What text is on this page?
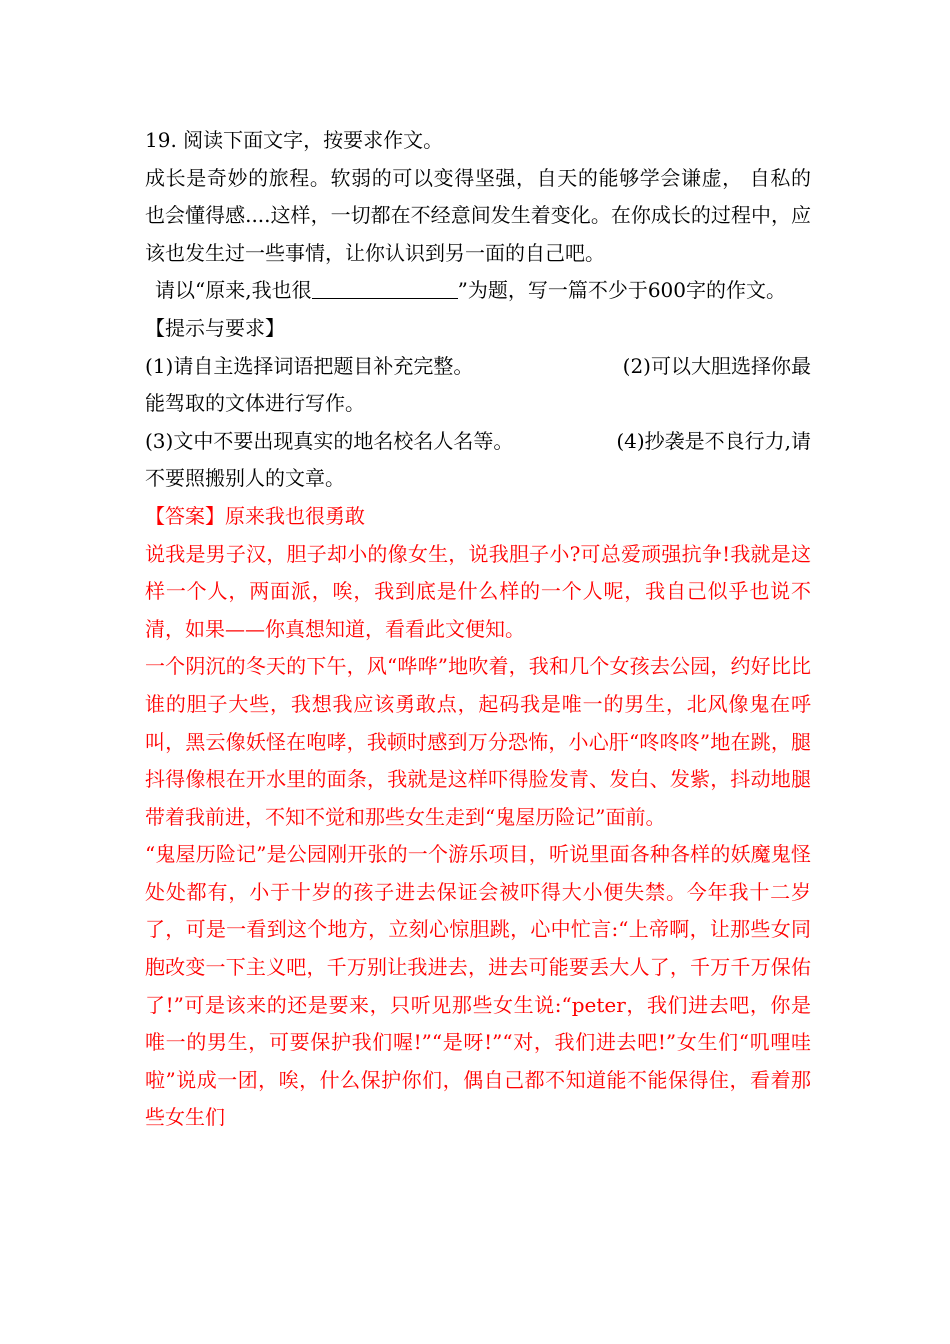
19. 阅读下面文字，按要求作文。

成长是奇妙的旅程。软弱的可以变得坚强，自天的能够学会谦虚， 自私的也会懂得感....这样，一切都在不经意间发生着变化。在你成长的过程中，应该也发生过一些事情，让你认识到另一面的自己吧。

请以“原来,我也很	”为题，写一篇不少于600字的作文。

【提示与要求】

(1)请自主选择词语把题目补充完整。	(2)可以大胆选择你最

能驾取的文体进行写作。

(3)文中不要出现真实的地名校名人名等。	(4)抄袭是不良行力,请

不要照搬别人的文章。

【答案】原来我也很勇敢

说我是男子汉，胆子却小的像女生，说我胆子小?可总爱顽强抗争!我就是这样一个人，两面派，唉，我到底是什么样的一个人呢，我自己似乎也说不清，如果——你真想知道，看看此文便知。

一个阴沉的冬天的下午，风“哗哗”地吹着，我和几个女孩去公园，约好比比谁的胆子大些，我想我应该勇敢点，起码我是唯一的男生，北风像鬼在呼叫，黑云像妖怪在咆哮，我顿时感到万分恐怖，小心肝“咚咚咚”地在跳，腿抖得像根在开水里的面条，我就是这样吓得脸发青、发白、发紫，抖动地腿带着我前进，不知不觉和那些女生走到“鬼屋历险记”面前。

“鬼屋历险记”是公园刚开张的一个游乐项目，听说里面各种各样的妖魔鬼怪处处都有，小于十岁的孩子进去保证会被吓得大小便失禁。今年我十二岁了，可是一看到这个地方，立刻心惊胆跳，心中忙言:“上帝啊，让那些女同胞改变一下主义吧，千万别让我进去，进去可能要丢大人了，千万千万保佑了!”可是该来的还是要来，只听见那些女生说:“peter，我们进去吧，你是唯一的男生，可要保护我们喔!”“是呀!”“对，我们进去吧!”女生们“叽哩哇啦”说成一团，唉，什么保护你们，偶自己都不知道能不能保得住，看着那些女生们
